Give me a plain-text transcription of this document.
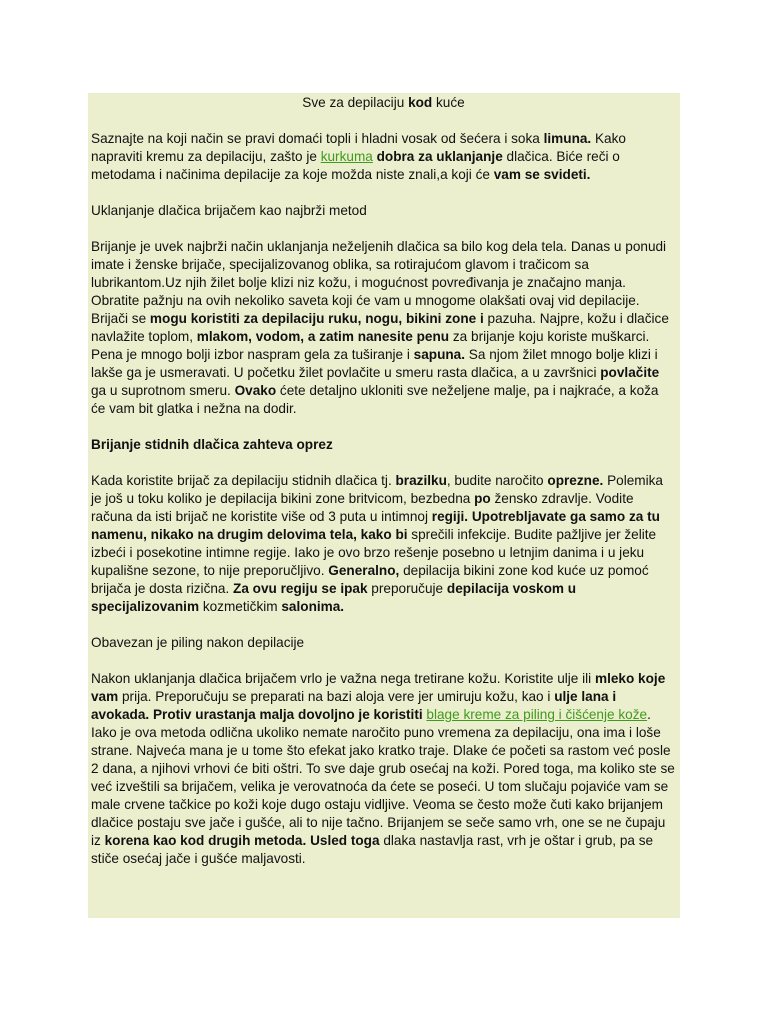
Sve za depilaciju kod kuće

Saznajte na koji način se pravi domaći topli i hladni vosak od šećera i soka limuna. Kako napraviti kremu za depilaciju, zašto je kurkuma dobra za uklanjanje dlačica. Biće reči o metodama i načinima depilacije za koje možda niste znali,a koji će vam se svideti.

Uklanjanje dlačica brijačem kao najbrži metod

Brijanje je uvek najbrži način uklanjanja neželjenih dlačica sa bilo kog dela tela. Danas u ponudi imate i ženske brijače, specijalizovanog oblika, sa rotirajućom glavom i tračicom sa lubrikantom.Uz njih žilet bolje klizi niz kožu, i mogućnost povređivanja je značajno manja. Obratite pažnju na ovih nekoliko saveta koji će vam u mnogome olakšati ovaj vid depilacije. Brijači se mogu koristiti za depilaciju ruku, nogu, bikini zone i pazuha. Najpre, kožu i dlačice navlažite toplom, mlakom, vodom, a zatim nanesite penu za brijanje koju koriste muškarci. Pena je mnogo bolji izbor naspram gela za tuširanje i sapuna. Sa njom žilet mnogo bolje klizi i lakše ga je usmeravati. U početku žilet povlačite u smeru rasta dlačica, a u završnici povlačite ga u suprotnom smeru. Ovako ćete detaljno ukloniti sve neželjene malje, pa i najkraće, a koža će vam bit glatka i nežna na dodir.

Brijanje stidnih dlačica zahteva oprez

Kada koristite brijač za depilaciju stidnih dlačica tj. brazilku, budite naročito oprezne. Polemika je još u toku koliko je depilacija bikini zone britvicom, bezbedna po žensko zdravlje. Vodite računa da isti brijač ne koristite više od 3 puta u intimnoj regiji. Upotrebljavate ga samo za tu namenu, nikako na drugim delovima tela, kako bi sprečili infekcije. Budite pažljive jer želite izbeći i posekotine intimne regije. Iako je ovo brzo rešenje posebno u letnjim danima i u jeku kupališne sezone, to nije preporučljivo. Generalno, depilacija bikini zone kod kuće uz pomoć brijača je dosta rizična. Za ovu regiju se ipak preporučuje depilacija voskom u specijalizovanim kozmetičkim salonima.

Obavezan je piling nakon depilacije

Nakon uklanjanja dlačica brijačem vrlo je važna nega tretirane kožu. Koristite ulje ili mleko koje vam prija. Preporučuju se preparati na bazi aloja vere jer umiruju kožu, kao i ulje lana i avokada. Protiv urastanja malja dovoljno je koristiti blage kreme za piling i čišćenje kože. Iako je ova metoda odlična ukoliko nemate naročito puno vremena za depilaciju, ona ima i loše strane. Najveća mana je u tome što efekat jako kratko traje. Dlake će početi sa rastom već posle 2 dana, a njihovi vrhovi će biti oštri. To sve daje grub osećaj na koži. Pored toga, ma koliko ste se već izveštili sa brijačem, velika je verovatnoća da ćete se poseći. U tom slučaju pojaviće vam se male crvene tačkice po koži koje dugo ostaju vidljive. Veoma se često može čuti kako brijanjem dlačice postaju sve jače i gušće, ali to nije tačno. Brijanjem se seče samo vrh, one se ne čupaju iz korena kao kod drugih metoda. Usled toga dlaka nastavlja rast, vrh je oštar i grub, pa se stiče osećaj jače i gušće maljavosti.
